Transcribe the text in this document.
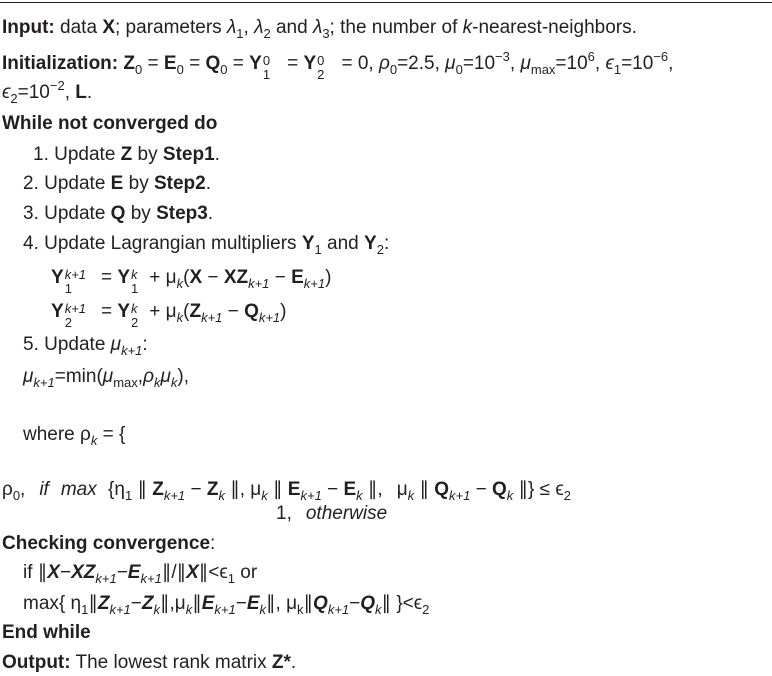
Input: data X; parameters $\lambda_1$, $\lambda_2$ and $\lambda_3$; the number of k-nearest-neighbors.
Initialization: $Z_0 = E_0 = Q_0 = Y$ 0
1
= Y 0
2
= 0, $\rho_0=2.5$, $\mu_0=10^{-3}$, $\mu_{max}=10^6$, $\epsilon_1=10^{-6}$,
$\epsilon_2=10^{-2}$, L.
While not converged do
1. Update Z by Step1.
2. Update E by Step2.
3. Update Q by Step3.
4. Update Lagrangian multipliers $Y_1$ and $Y_2$:
Y k+1
1
= Y k
1
+ $\mu_k(X - XZ_{k+1} - E_{k+1})$
Y k+1
2
= Y k
2
+ $\mu_k(Z_{k+1} - Q_{k+1})$
5. Update $\mu_{k+1}$:
$\mu_{k+1}=\min(\mu_{max},\rho_k\mu_k)$,
where $\rho_k$ = {
$\rho_0$, if $\max \{\eta_1$ ∥ $Z_{k+1} - Z_k$ ∥, $\mu_k$ ∥ $E_{k+1} - E_k$ ∥, $\mu_k$ ∥ $Q_{k+1} - Q_k$ ∥} ≤ $\epsilon_2$
1, otherwise
Checking convergence:
if $\parallel X-XZ_{k+1}-E_{k+1}\parallel/\parallel X\parallel<\epsilon_1$ or
max{ $\eta_1\parallel Z_{k+1}-Z_k\parallel,\mu_k\parallel E_{k+1}-E_k\parallel$, $\mu_k\parallel Q_{k+1}-Q_k\parallel$ }$<\epsilon_2$
End while
Output: The lowest rank matrix Z*.
